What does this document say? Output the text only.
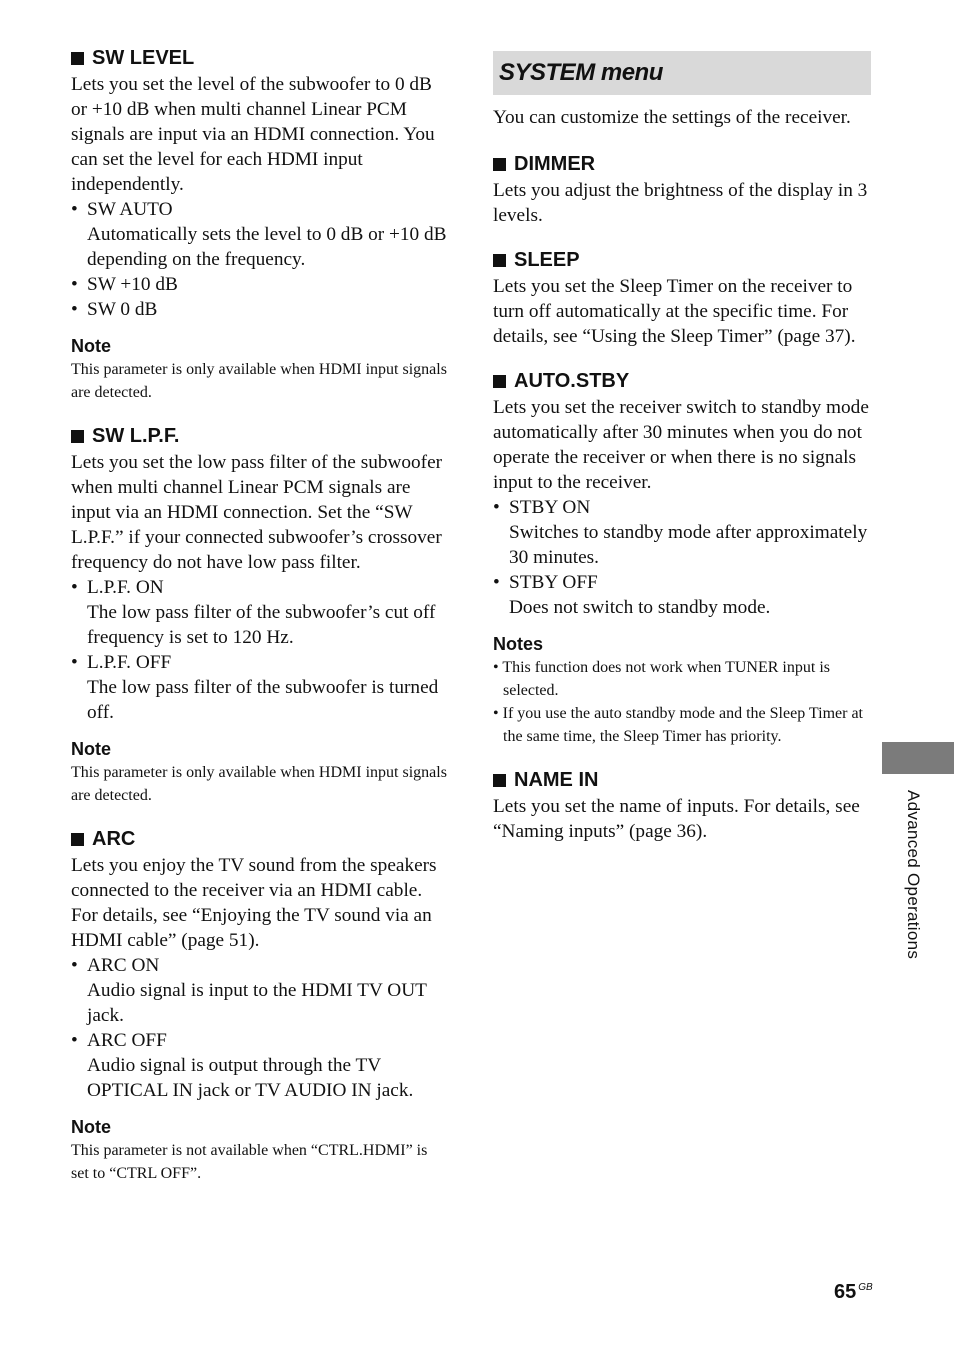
SW LEVEL

Lets you set the level of the subwoofer to 0 dB or +10 dB when multi channel Linear PCM signals are input via an HDMI connection. You can set the level for each HDMI input independently.

• SW AUTO

Automatically sets the level to 0 dB or +10 dB depending on the frequency.

• SW +10 dB

• SW 0 dB

Note

This parameter is only available when HDMI input signals are detected.

SW L.P.F.

Lets you set the low pass filter of the subwoofer when multi channel Linear PCM signals are input via an HDMI connection. Set the “SW L.P.F.” if your connected subwoofer’s crossover frequency do not have low pass filter.

• L.P.F. ON

The low pass filter of the subwoofer’s cut off frequency is set to 120 Hz.

• L.P.F. OFF

The low pass filter of the subwoofer is turned off.

Note

This parameter is only available when HDMI input signals are detected.

ARC

Lets you enjoy the TV sound from the speakers connected to the receiver via an HDMI cable. For details, see “Enjoying the TV sound via an HDMI cable” (page 51).

• ARC ON

Audio signal is input to the HDMI TV OUT jack.

• ARC OFF

Audio signal is output through the TV OPTICAL IN jack or TV AUDIO IN jack.

Note

This parameter is not available when “CTRL.HDMI” is set to “CTRL OFF”.

SYSTEM menu

You can customize the settings of the receiver.

DIMMER

Lets you adjust the brightness of the display in 3 levels.

SLEEP

Lets you set the Sleep Timer on the receiver to turn off automatically at the specific time. For details, see “Using the Sleep Timer” (page 37).

AUTO.STBY

Lets you set the receiver switch to standby mode automatically after 30 minutes when you do not operate the receiver or when there is no signals input to the receiver.

• STBY ON

Switches to standby mode after approximately 30 minutes.

• STBY OFF

Does not switch to standby mode.

Notes

• This function does not work when TUNER input is selected.

• If you use the auto standby mode and the Sleep Timer at the same time, the Sleep Timer has priority.

NAME IN

Lets you set the name of inputs. For details, see “Naming inputs” (page 36).	Advanced Operations
65 $^{GB}$
